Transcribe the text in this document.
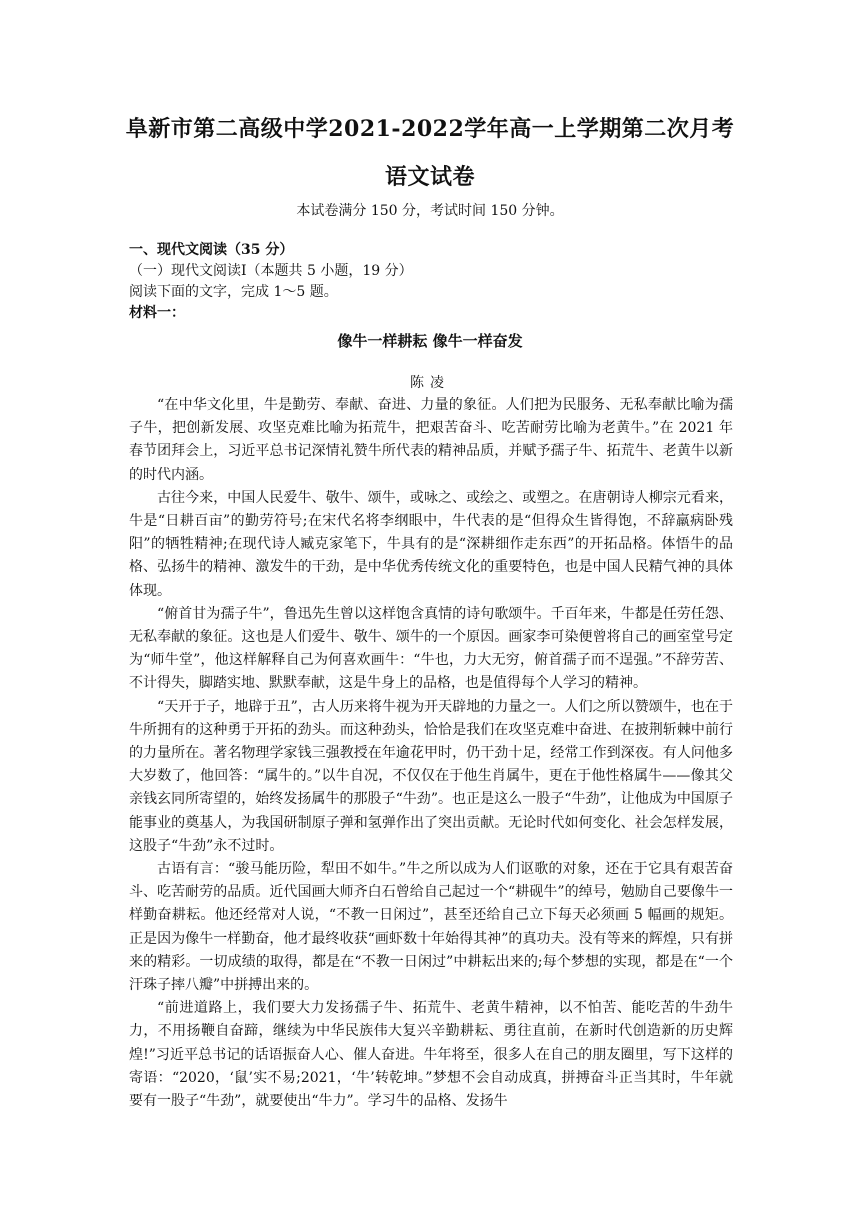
阜新市第二高级中学2021-2022学年高一上学期第二次月考
语文试卷
本试卷满分 150 分，考试时间 150 分钟。

一、现代文阅读（35 分）

（一）现代文阅读Ⅰ（本题共 5 小题，19 分）

阅读下面的文字，完成 1～5 题。

材料一：

像牛一样耕耘 像牛一样奋发
陈凌

“在中华文化里，牛是勤劳、奉献、奋进、力量的象征。人们把为民服务、无私奉献比喻为孺子牛，把创新发展、攻坚克难比喻为拓荒牛，把艰苦奋斗、吃苦耐劳比喻为老黄牛。”在 2021 年春节团拜会上，习近平总书记深情礼赞牛所代表的精神品质，并赋予孺子牛、拓荒牛、老黄牛以新的时代内涵。

古往今来，中国人民爱牛、敬牛、颂牛，或咏之、或绘之、或塑之。在唐朝诗人柳宗元看来，牛是“日耕百亩”的勤劳符号;在宋代名将李纲眼中，牛代表的是“但得众生皆得饱，不辞羸病卧残阳”的牺牲精神;在现代诗人臧克家笔下，牛具有的是“深耕细作走东西”的开拓品格。体悟牛的品格、弘扬牛的精神、激发牛的干劲，是中华优秀传统文化的重要特色，也是中国人民精气神的具体体现。

“俯首甘为孺子牛”，鲁迅先生曾以这样饱含真情的诗句歌颂牛。千百年来，牛都是任劳任怨、无私奉献的象征。这也是人们爱牛、敬牛、颂牛的一个原因。画家李可染便曾将自己的画室堂号定为“师牛堂”，他这样解释自己为何喜欢画牛：“牛也，力大无穷，俯首孺子而不逞强。”不辞劳苦、不计得失，脚踏实地、默默奉献，这是牛身上的品格，也是值得每个人学习的精神。

“天开于子，地辟于丑”，古人历来将牛视为开天辟地的力量之一。人们之所以赞颂牛，也在于牛所拥有的这种勇于开拓的劲头。而这种劲头，恰恰是我们在攻坚克难中奋进、在披荆斩棘中前行的力量所在。著名物理学家钱三强教授在年逾花甲时，仍干劲十足，经常工作到深夜。有人问他多大岁数了，他回答：“属牛的。”以牛自况，不仅仅在于他生肖属牛，更在于他性格属牛——像其父亲钱玄同所寄望的，始终发扬属牛的那股子“牛劲”。也正是这么一股子“牛劲”，让他成为中国原子能事业的奠基人，为我国研制原子弹和氢弹作出了突出贡献。无论时代如何变化、社会怎样发展，这股子“牛劲”永不过时。

古语有言：“骏马能历险，犁田不如牛。”牛之所以成为人们讴歌的对象，还在于它具有艰苦奋斗、吃苦耐劳的品质。近代国画大师齐白石曾给自己起过一个“耕砚牛”的绰号，勉励自己要像牛一样勤奋耕耘。他还经常对人说，“不教一日闲过”，甚至还给自己立下每天必须画 5 幅画的规矩。正是因为像牛一样勤奋，他才最终收获“画虾数十年始得其神”的真功夫。没有等来的辉煌，只有拼来的精彩。一切成绩的取得，都是在“不教一日闲过”中耕耘出来的;每个梦想的实现，都是在“一个汗珠子摔八瓣”中拼搏出来的。

“前进道路上，我们要大力发扬孺子牛、拓荒牛、老黄牛精神，以不怕苦、能吃苦的牛劲牛力，不用扬鞭自奋蹄，继续为中华民族伟大复兴辛勤耕耘、勇往直前，在新时代创造新的历史辉煌!”习近平总书记的话语振奋人心、催人奋进。牛年将至，很多人在自己的朋友圈里，写下这样的寄语：“2020，‘鼠’实不易;2021，‘牛’转乾坤。”梦想不会自动成真，拼搏奋斗正当其时，牛年就要有一股子“牛劲”，就要使出“牛力”。学习牛的品格、发扬牛
